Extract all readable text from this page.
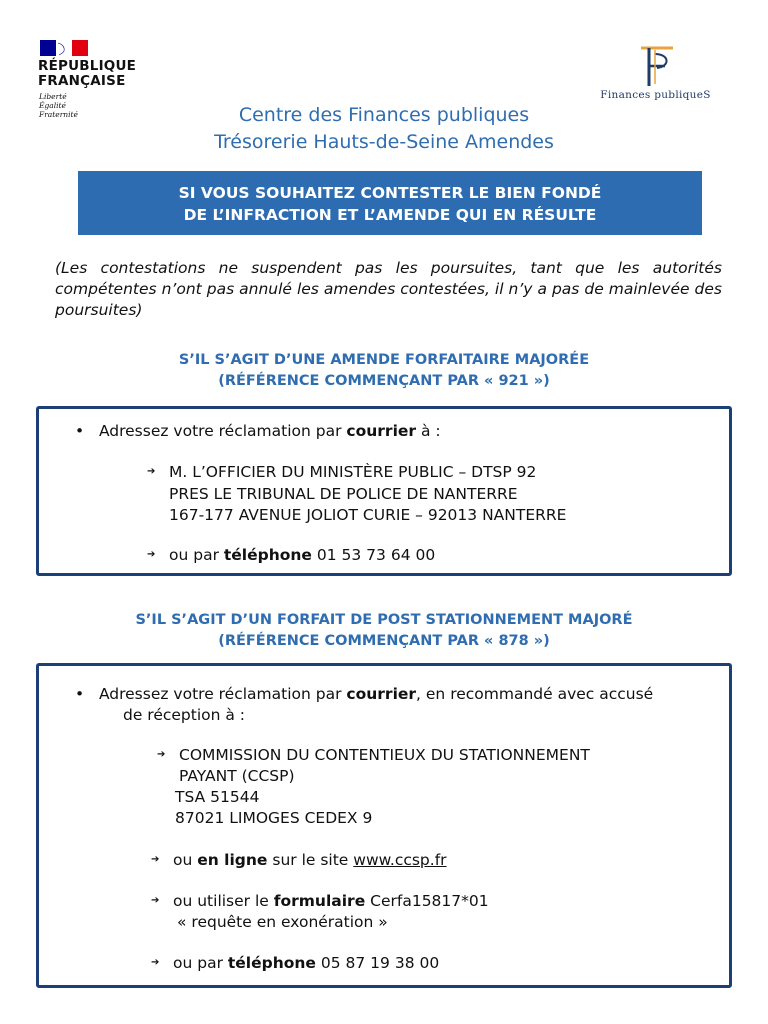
RÉPUBLIQUE
FRANÇAISE
Liberté
Égalité
Fraternité
Finances publiqueS
Centre des Finances publiques
Trésorerie Hauts-de-Seine Amendes
SI VOUS SOUHAITEZ CONTESTER LE BIEN FONDÉ
DE L’INFRACTION ET L’AMENDE QUI EN RÉSULTE
(Les contestations ne suspendent pas les poursuites, tant que les autorités compétentes n’ont pas annulé les amendes contestées, il n’y a pas de mainlevée des poursuites)
S’IL S’AGIT D’UNE AMENDE FORFAITAIRE MAJORÉE
(RÉFÉRENCE COMMENÇANT PAR « 921 »)
• Adressez votre réclamation par courrier à :
➔ M. L’OFFICIER DU MINISTÈRE PUBLIC – DTSP 92
PRES LE TRIBUNAL DE POLICE DE NANTERRE
167-177 AVENUE JOLIOT CURIE – 92013 NANTERRE
➔ ou par téléphone 01 53 73 64 00
S’IL S’AGIT D’UN FORFAIT DE POST STATIONNEMENT MAJORÉ
(RÉFÉRENCE COMMENÇANT PAR « 878 »)
• Adressez votre réclamation par courrier, en recommandé avec accusé
de réception à :
➔ COMMISSION DU CONTENTIEUX DU STATIONNEMENT
PAYANT (CCSP)
TSA 51544
87021 LIMOGES CEDEX 9
➔ ou en ligne sur le site www.ccsp.fr
➔ ou utiliser le formulaire Cerfa15817*01
« requête en exonération »
➔ ou par téléphone 05 87 19 38 00
